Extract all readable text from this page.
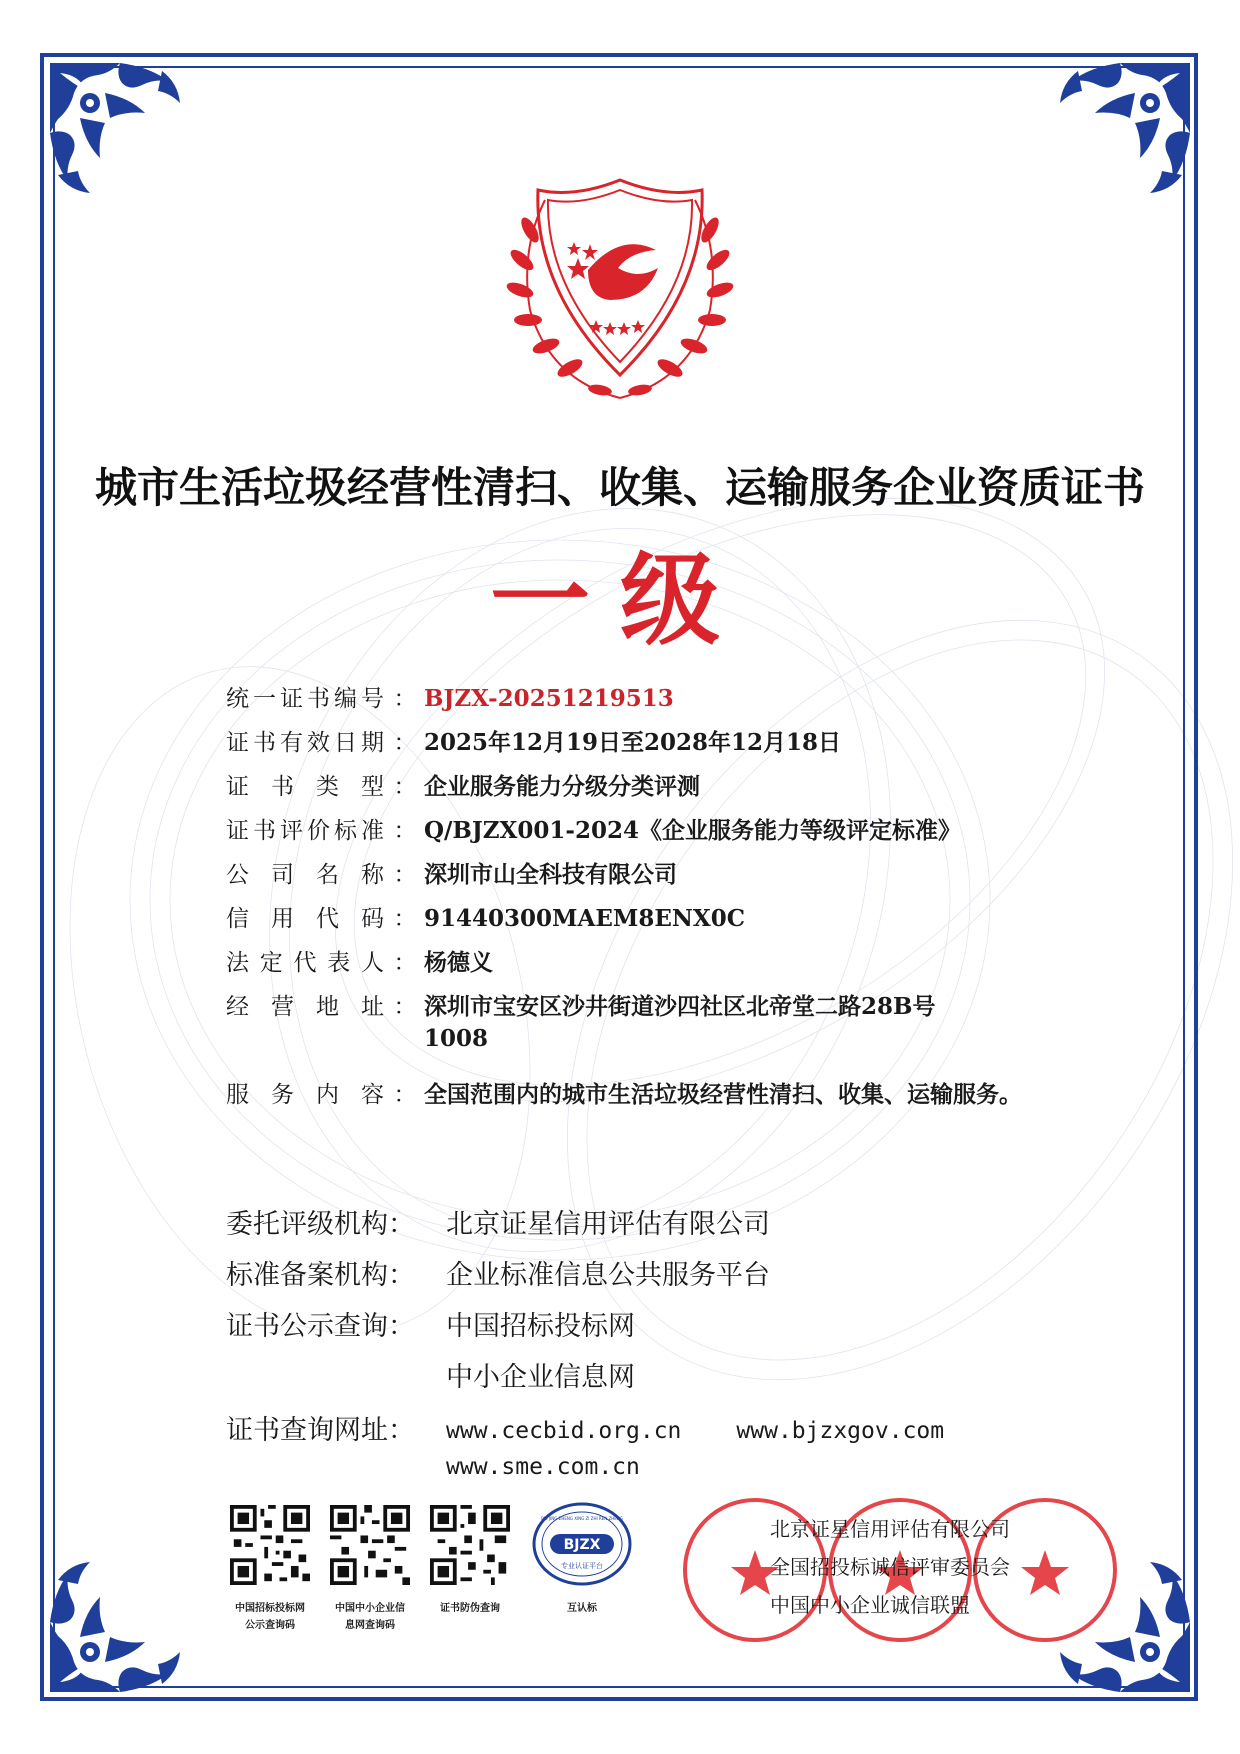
城市生活垃圾经营性清扫、收集、运输服务企业资质证书
一级
统一证书编号 ： BJZX-20251219513
证书有效日期 ： 2025年12月19日至2028年12月18日
证书类型 ： 企业服务能力分级分类评测
证书评价标准 ： Q/BJZX001-2024《企业服务能力等级评定标准》
公司名称 ： 深圳市山全科技有限公司
信用代码 ： 91440300MAEM8ENX0C
法定代表人 ： 杨德义
经营地址 ： 深圳市宝安区沙井街道沙四社区北帝堂二路28B号
1008
服务内容 ： 全国范围内的城市生活垃圾经营性清扫、收集、运输服务。
委托评级机构：	北京证星信用评估有限公司
标准备案机构：	企业标准信息公共服务平台
证书公示查询：	中国招标投标网
中小企业信息网
证书查询网址：	www.cecbid.org.cn www.bjzxgov.com
www.sme.com.cn
中国招标投标网
公示查询码
中国中小企业信
息网查询码
证书防伪查询
BJZX
专业认证平台
BEI JING ZHENG XING ZI ZHI REN ZHENG
互认标
北京证星信用评估有限公司
全国招投标诚信评审委员会
中国中小企业诚信联盟
